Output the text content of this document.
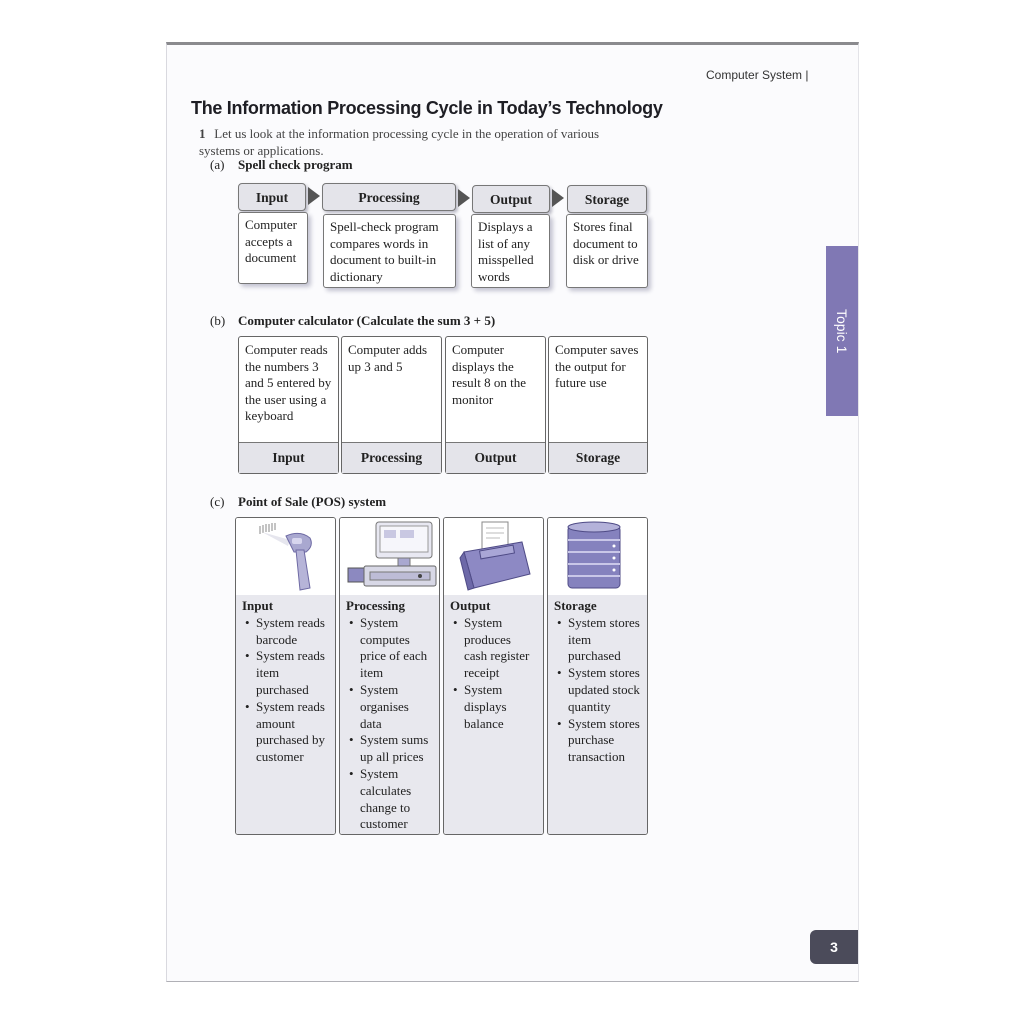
Computer System |
The Information Processing Cycle in Today’s Technology
1 Let us look at the information processing cycle in the operation of various systems or applications.
(a) Spell check program
Input	Processing	Output	Storage
Computer accepts a document
Spell-check program compares words in document to built-in dictionary
Displays a list of any misspelled words
Stores final document to disk or drive
(b) Computer calculator (Calculate the sum 3 + 5)
Computer reads the numbers 3 and 5 entered by the user using a keyboard
Input
Computer adds up 3 and 5
Processing
Computer displays the result 8 on the monitor
Output
Computer saves the output for future use
Storage
(c) Point of Sale (POS) system
Input
• System reads barcode
• System reads item purchased
• System reads amount purchased by customer
Processing
• System computes price of each item
• System organises data
• System sums up all prices
• System calculates change to customer
Output
• System produces cash register receipt
• System displays balance
Storage
• System stores item purchased
• System stores updated stock quantity
• System stores purchase transaction
Topic 1
3
